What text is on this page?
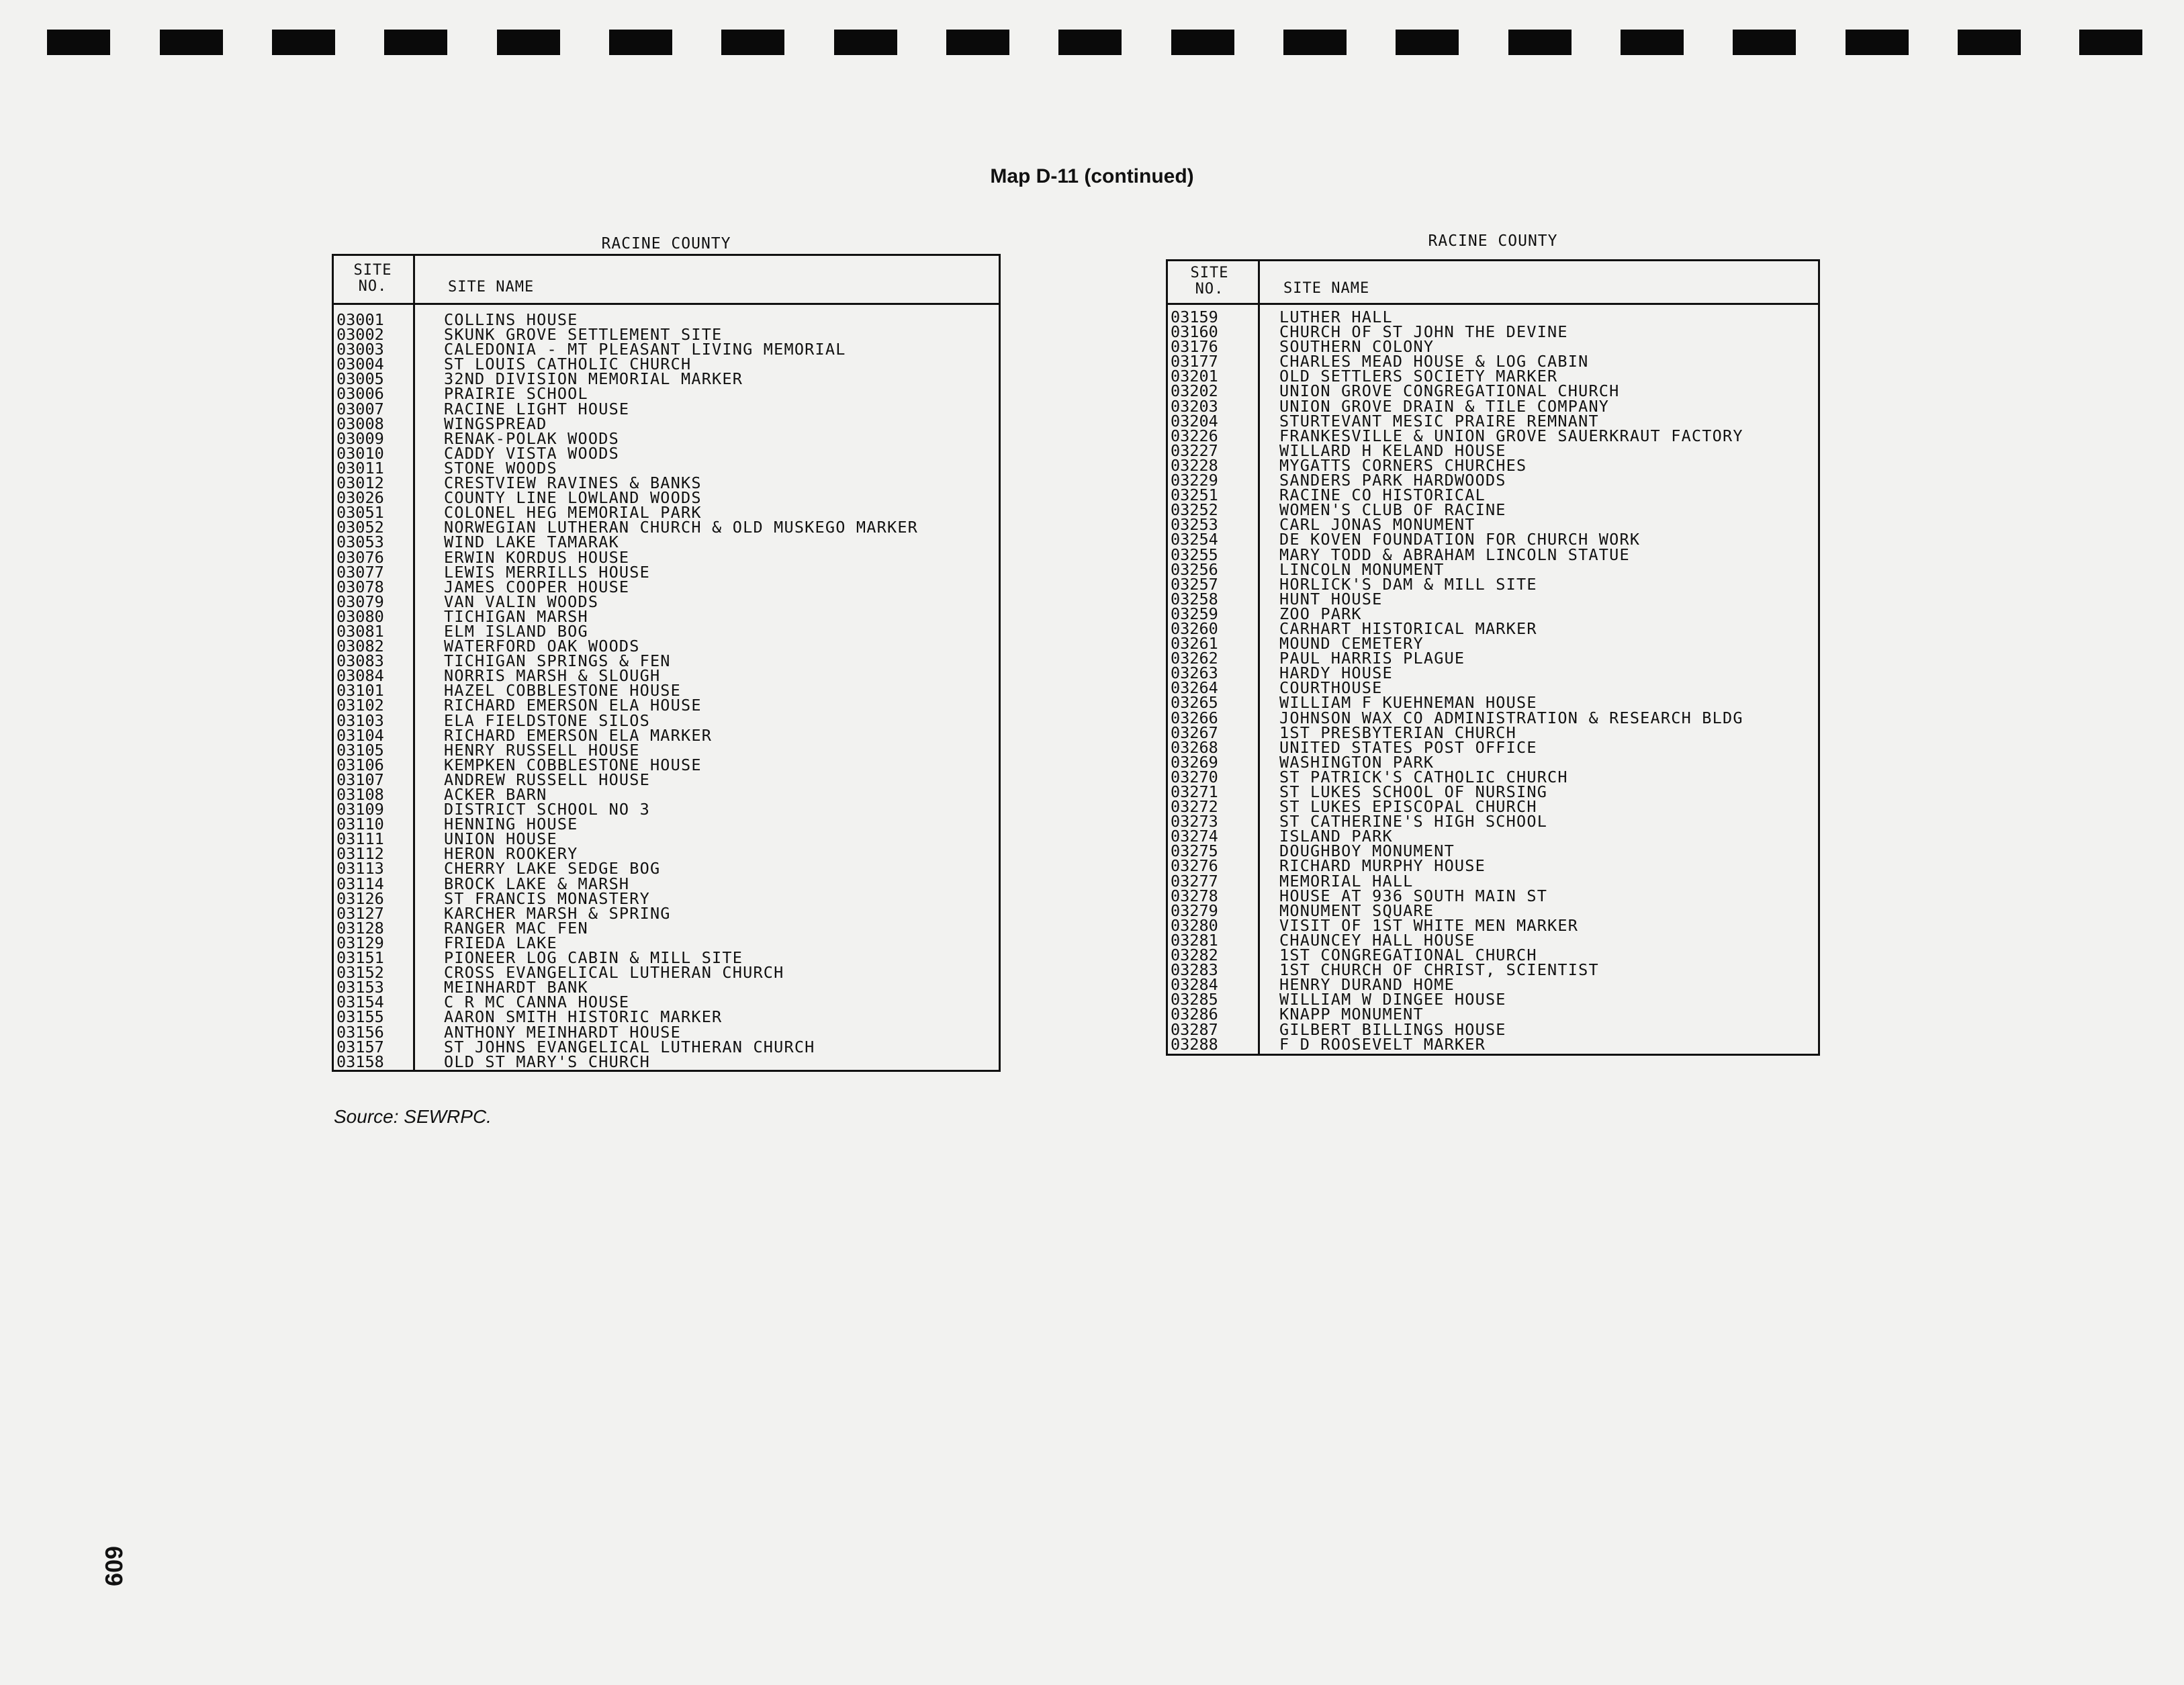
Map D-11 (continued)
RACINE COUNTY
SITE
NO.	SITE NAME
03001	COLLINS HOUSE
03002	SKUNK GROVE SETTLEMENT SITE
03003	CALEDONIA - MT PLEASANT LIVING MEMORIAL
03004	ST LOUIS CATHOLIC CHURCH
03005	32ND DIVISION MEMORIAL MARKER
03006	PRAIRIE SCHOOL
03007	RACINE LIGHT HOUSE
03008	WINGSPREAD
03009	RENAK-POLAK WOODS
03010	CADDY VISTA WOODS
03011	STONE WOODS
03012	CRESTVIEW RAVINES & BANKS
03026	COUNTY LINE LOWLAND WOODS
03051	COLONEL HEG MEMORIAL PARK
03052	NORWEGIAN LUTHERAN CHURCH & OLD MUSKEGO MARKER
03053	WIND LAKE TAMARAK
03076	ERWIN KORDUS HOUSE
03077	LEWIS MERRILLS HOUSE
03078	JAMES COOPER HOUSE
03079	VAN VALIN WOODS
03080	TICHIGAN MARSH
03081	ELM ISLAND BOG
03082	WATERFORD OAK WOODS
03083	TICHIGAN SPRINGS & FEN
03084	NORRIS MARSH & SLOUGH
03101	HAZEL COBBLESTONE HOUSE
03102	RICHARD EMERSON ELA HOUSE
03103	ELA FIELDSTONE SILOS
03104	RICHARD EMERSON ELA MARKER
03105	HENRY RUSSELL HOUSE
03106	KEMPKEN COBBLESTONE HOUSE
03107	ANDREW RUSSELL HOUSE
03108	ACKER BARN
03109	DISTRICT SCHOOL NO 3
03110	HENNING HOUSE
03111	UNION HOUSE
03112	HERON ROOKERY
03113	CHERRY LAKE SEDGE BOG
03114	BROCK LAKE & MARSH
03126	ST FRANCIS MONASTERY
03127	KARCHER MARSH & SPRING
03128	RANGER MAC FEN
03129	FRIEDA LAKE
03151	PIONEER LOG CABIN & MILL SITE
03152	CROSS EVANGELICAL LUTHERAN CHURCH
03153	MEINHARDT BANK
03154	C R MC CANNA HOUSE
03155	AARON SMITH HISTORIC MARKER
03156	ANTHONY MEINHARDT HOUSE
03157	ST JOHNS EVANGELICAL LUTHERAN CHURCH
03158	OLD ST MARY'S CHURCH
RACINE COUNTY
SITE
NO.	SITE NAME
03159	LUTHER HALL
03160	CHURCH OF ST JOHN THE DEVINE
03176	SOUTHERN COLONY
03177	CHARLES MEAD HOUSE & LOG CABIN
03201	OLD SETTLERS SOCIETY MARKER
03202	UNION GROVE CONGREGATIONAL CHURCH
03203	UNION GROVE DRAIN & TILE COMPANY
03204	STURTEVANT MESIC PRAIRE REMNANT
03226	FRANKESVILLE & UNION GROVE SAUERKRAUT FACTORY
03227	WILLARD H KELAND HOUSE
03228	MYGATTS CORNERS CHURCHES
03229	SANDERS PARK HARDWOODS
03251	RACINE CO HISTORICAL
03252	WOMEN'S CLUB OF RACINE
03253	CARL JONAS MONUMENT
03254	DE KOVEN FOUNDATION FOR CHURCH WORK
03255	MARY TODD & ABRAHAM LINCOLN STATUE
03256	LINCOLN MONUMENT
03257	HORLICK'S DAM & MILL SITE
03258	HUNT HOUSE
03259	ZOO PARK
03260	CARHART HISTORICAL MARKER
03261	MOUND CEMETERY
03262	PAUL HARRIS PLAGUE
03263	HARDY HOUSE
03264	COURTHOUSE
03265	WILLIAM F KUEHNEMAN HOUSE
03266	JOHNSON WAX CO ADMINISTRATION & RESEARCH BLDG
03267	1ST PRESBYTERIAN CHURCH
03268	UNITED STATES POST OFFICE
03269	WASHINGTON PARK
03270	ST PATRICK'S CATHOLIC CHURCH
03271	ST LUKES SCHOOL OF NURSING
03272	ST LUKES EPISCOPAL CHURCH
03273	ST CATHERINE'S HIGH SCHOOL
03274	ISLAND PARK
03275	DOUGHBOY MONUMENT
03276	RICHARD MURPHY HOUSE
03277	MEMORIAL HALL
03278	HOUSE AT 936 SOUTH MAIN ST
03279	MONUMENT SQUARE
03280	VISIT OF 1ST WHITE MEN MARKER
03281	CHAUNCEY HALL HOUSE
03282	1ST CONGREGATIONAL CHURCH
03283	1ST CHURCH OF CHRIST, SCIENTIST
03284	HENRY DURAND HOME
03285	WILLIAM W DINGEE HOUSE
03286	KNAPP MONUMENT
03287	GILBERT BILLINGS HOUSE
03288	F D ROOSEVELT MARKER
Source: SEWRPC.
609
